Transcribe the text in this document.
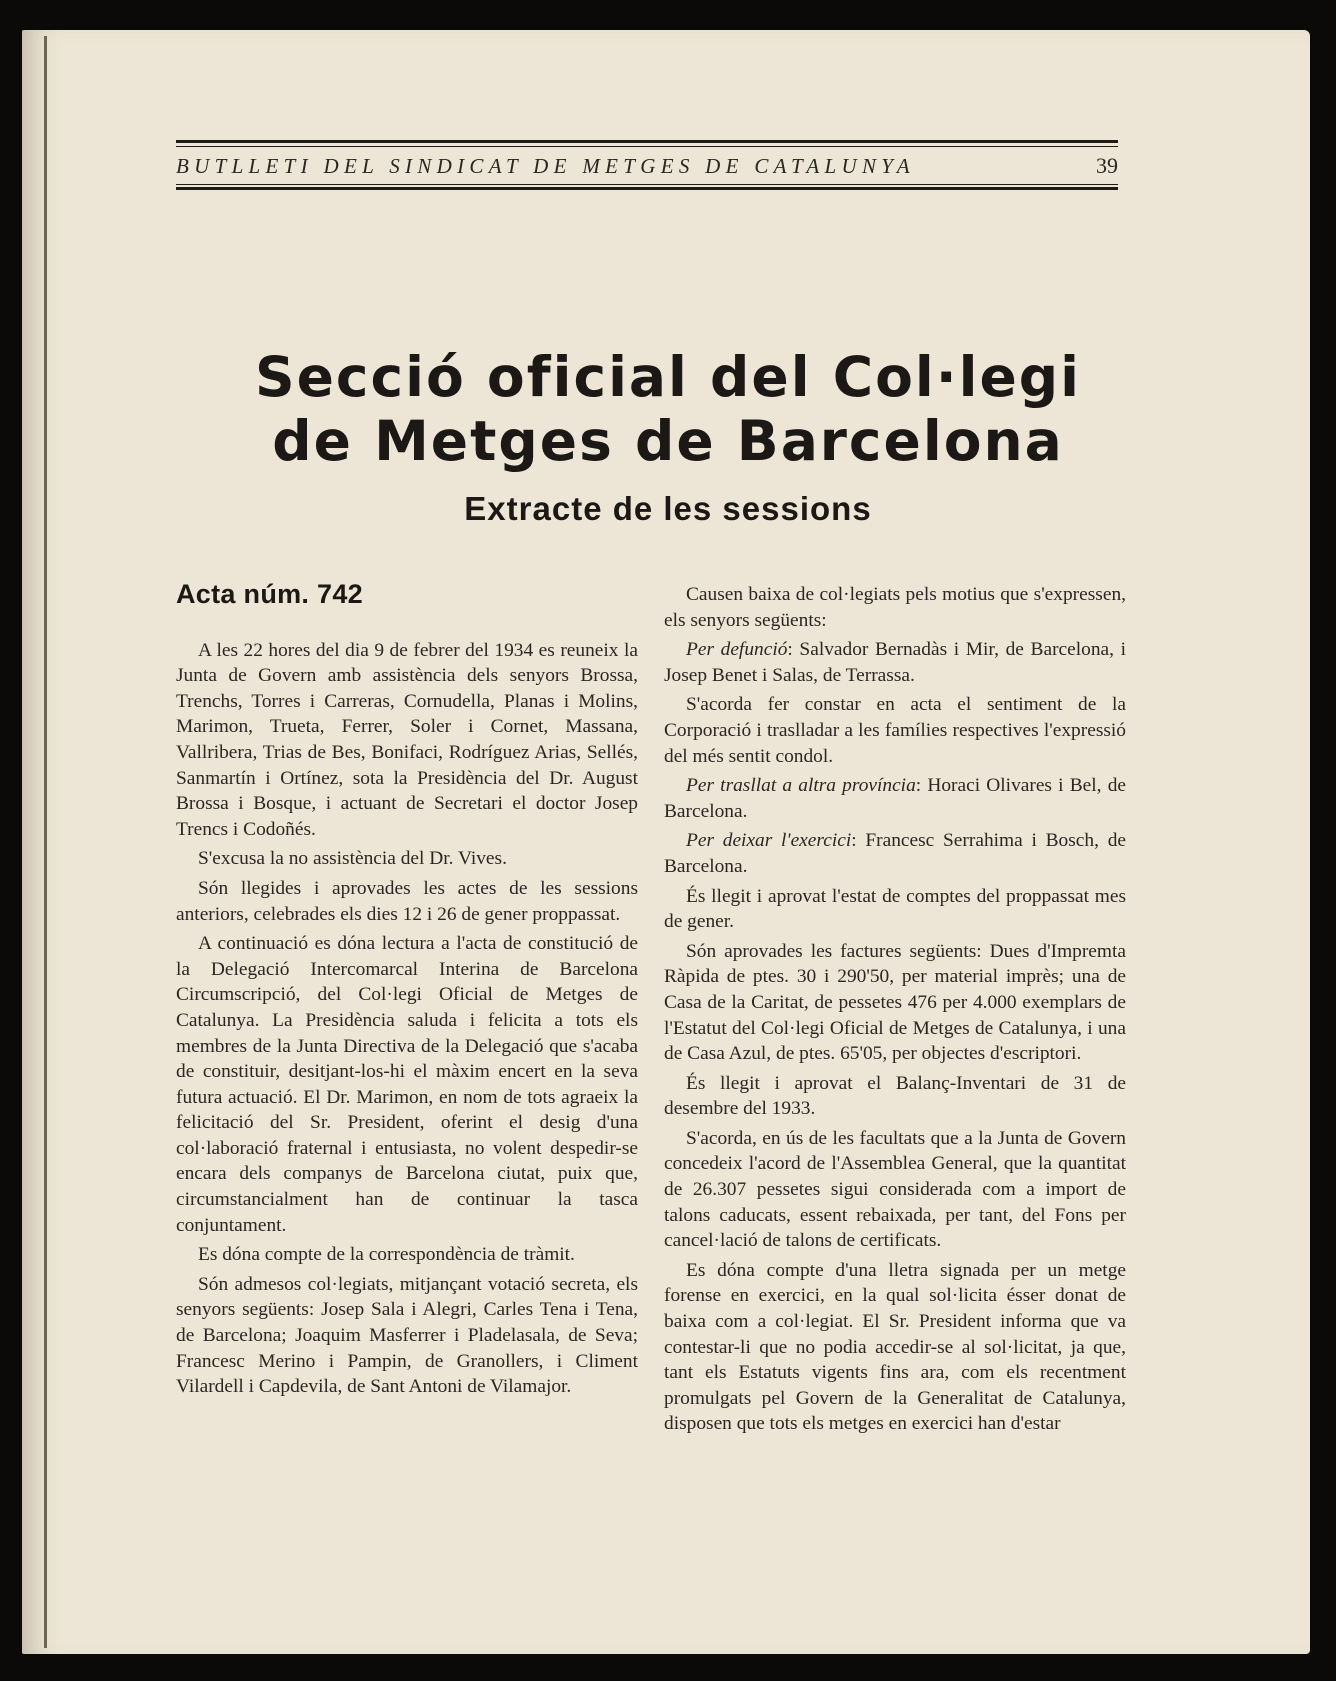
BUTLLETI DEL SINDICAT DE METGES DE CATALUNYA	39
Secció oficial del Col·legi
de Metges de Barcelona
Extracte de les sessions
Acta núm. 742

A les 22 hores del dia 9 de febrer del 1934 es reuneix la Junta de Govern amb assistència dels senyors Brossa, Trenchs, Torres i Carreras, Cornudella, Planas i Molins, Marimon, Trueta, Ferrer, Soler i Cornet, Massana, Vallribera, Trias de Bes, Bonifaci, Rodríguez Arias, Sellés, Sanmartín i Ortínez, sota la Presidència del Dr. August Brossa i Bosque, i actuant de Secretari el doctor Josep Trencs i Codoñés.

S'excusa la no assistència del Dr. Vives.

Són llegides i aprovades les actes de les sessions anteriors, celebrades els dies 12 i 26 de gener proppassat.

A continuació es dóna lectura a l'acta de constitució de la Delegació Intercomarcal Interina de Barcelona Circumscripció, del Col·legi Oficial de Metges de Catalunya. La Presidència saluda i felicita a tots els membres de la Junta Directiva de la Delegació que s'acaba de constituir, desitjant-los-hi el màxim encert en la seva futura actuació. El Dr. Marimon, en nom de tots agraeix la felicitació del Sr. President, oferint el desig d'una col·laboració fraternal i entusiasta, no volent despedir-se encara dels companys de Barcelona ciutat, puix que, circumstancialment han de continuar la tasca conjuntament.

Es dóna compte de la correspondència de tràmit.

Són admesos col·legiats, mitjançant votació secreta, els senyors següents: Josep Sala i Alegri, Carles Tena i Tena, de Barcelona; Joaquim Masferrer i Pladelasala, de Seva; Francesc Merino i Pampin, de Granollers, i Climent Vilardell i Capdevila, de Sant Antoni de Vilamajor.

Causen baixa de col·legiats pels motius que s'expressen, els senyors següents:

Per defunció: Salvador Bernadàs i Mir, de Barcelona, i Josep Benet i Salas, de Terrassa.

S'acorda fer constar en acta el sentiment de la Corporació i traslladar a les famílies respectives l'expressió del més sentit condol.

Per trasllat a altra província: Horaci Olivares i Bel, de Barcelona.

Per deixar l'exercici: Francesc Serrahima i Bosch, de Barcelona.

És llegit i aprovat l'estat de comptes del proppassat mes de gener.

Són aprovades les factures següents: Dues d'Impremta Ràpida de ptes. 30 i 290'50, per material imprès; una de Casa de la Caritat, de pessetes 476 per 4.000 exemplars de l'Estatut del Col·legi Oficial de Metges de Catalunya, i una de Casa Azul, de ptes. 65'05, per objectes d'escriptori.

És llegit i aprovat el Balanç-Inventari de 31 de desembre del 1933.

S'acorda, en ús de les facultats que a la Junta de Govern concedeix l'acord de l'Assemblea General, que la quantitat de 26.307 pessetes sigui considerada com a import de talons caducats, essent rebaixada, per tant, del Fons per cancel·lació de talons de certificats.

Es dóna compte d'una lletra signada per un metge forense en exercici, en la qual sol·licita ésser donat de baixa com a col·legiat. El Sr. President informa que va contestar-li que no podia accedir-se al sol·licitat, ja que, tant els Estatuts vigents fins ara, com els recentment promulgats pel Govern de la Generalitat de Catalunya, disposen que tots els metges en exercici han d'estar
